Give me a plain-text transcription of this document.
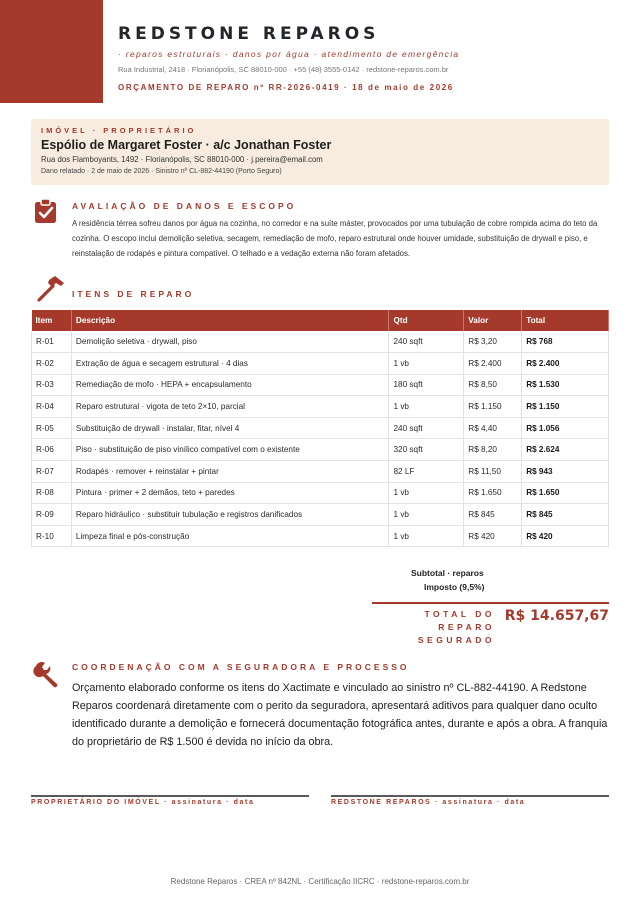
REDSTONE REPAROS
· reparos estruturais · danos por água · atendimento de emergência
Rua Industrial, 2418 · Florianópolis, SC 88010-000 · +55 (48) 3555-0142 · redstone-reparos.com.br
ORÇAMENTO DE REPARO nº RR-2026-0419 · 18 de maio de 2026
IMÓVEL · PROPRIETÁRIO
Espólio de Margaret Foster · a/c Jonathan Foster
Rua dos Flamboyants, 1492 · Florianópolis, SC 88010-000 · j.pereira@email.com
Dano relatado · 2 de maio de 2026 · Sinistro nº CL-882-44190 (Porto Seguro)
AVALIAÇÃO DE DANOS E ESCOPO
A residência térrea sofreu danos por água na cozinha, no corredor e na suíte máster, provocados por uma tubulação de cobre rompida acima do teto da cozinha. O escopo inclui demolição seletiva, secagem, remediação de mofo, reparo estrutural onde houver umidade, substituição de drywall e piso, e reinstalação de rodapés e pintura compatível. O telhado e a vedação externa não foram afetados.
ITENS DE REPARO
Item	Descrição	Qtd	Valor	Total
R-01	Demolição seletiva · drywall, piso	240 sqft	R$ 3,20	R$ 768
R-02	Extração de água e secagem estrutural · 4 dias	1 vb	R$ 2.400	R$ 2.400
R-03	Remediação de mofo · HEPA + encapsulamento	180 sqft	R$ 8,50	R$ 1.530
R-04	Reparo estrutural · vigota de teto 2×10, parcial	1 vb	R$ 1.150	R$ 1.150
R-05	Substituição de drywall · instalar, fitar, nível 4	240 sqft	R$ 4,40	R$ 1.056
R-06	Piso · substituição de piso vinílico compatível com o existente	320 sqft	R$ 8,20	R$ 2.624
R-07	Rodapés · remover + reinstalar + pintar	82 LF	R$ 11,50	R$ 943
R-08	Pintura · primer + 2 demãos, teto + paredes	1 vb	R$ 1.650	R$ 1.650
R-09	Reparo hidráulico · substituir tubulação e registros danificados	1 vb	R$ 845	R$ 845
R-10	Limpeza final e pós-construção	1 vb	R$ 420	R$ 420
Subtotal · reparos
Imposto (9,5%)
TOTAL DO REPARO SEGURADO
R$ 14.657,67
COORDENAÇÃO COM A SEGURADORA E PROCESSO
Orçamento elaborado conforme os itens do Xactimate e vinculado ao sinistro nº CL-882-44190. A Redstone Reparos coordenará diretamente com o perito da seguradora, apresentará aditivos para qualquer dano oculto identificado durante a demolição e fornecerá documentação fotográfica antes, durante e após a obra. A franquia do proprietário de R$ 1.500 é devida no início da obra.
PROPRIETÁRIO DO IMÓVEL · assinatura · data	REDSTONE REPAROS · assinatura · data
Redstone Reparos · CREA nº 842NL · Certificação IICRC · redstone-reparos.com.br
